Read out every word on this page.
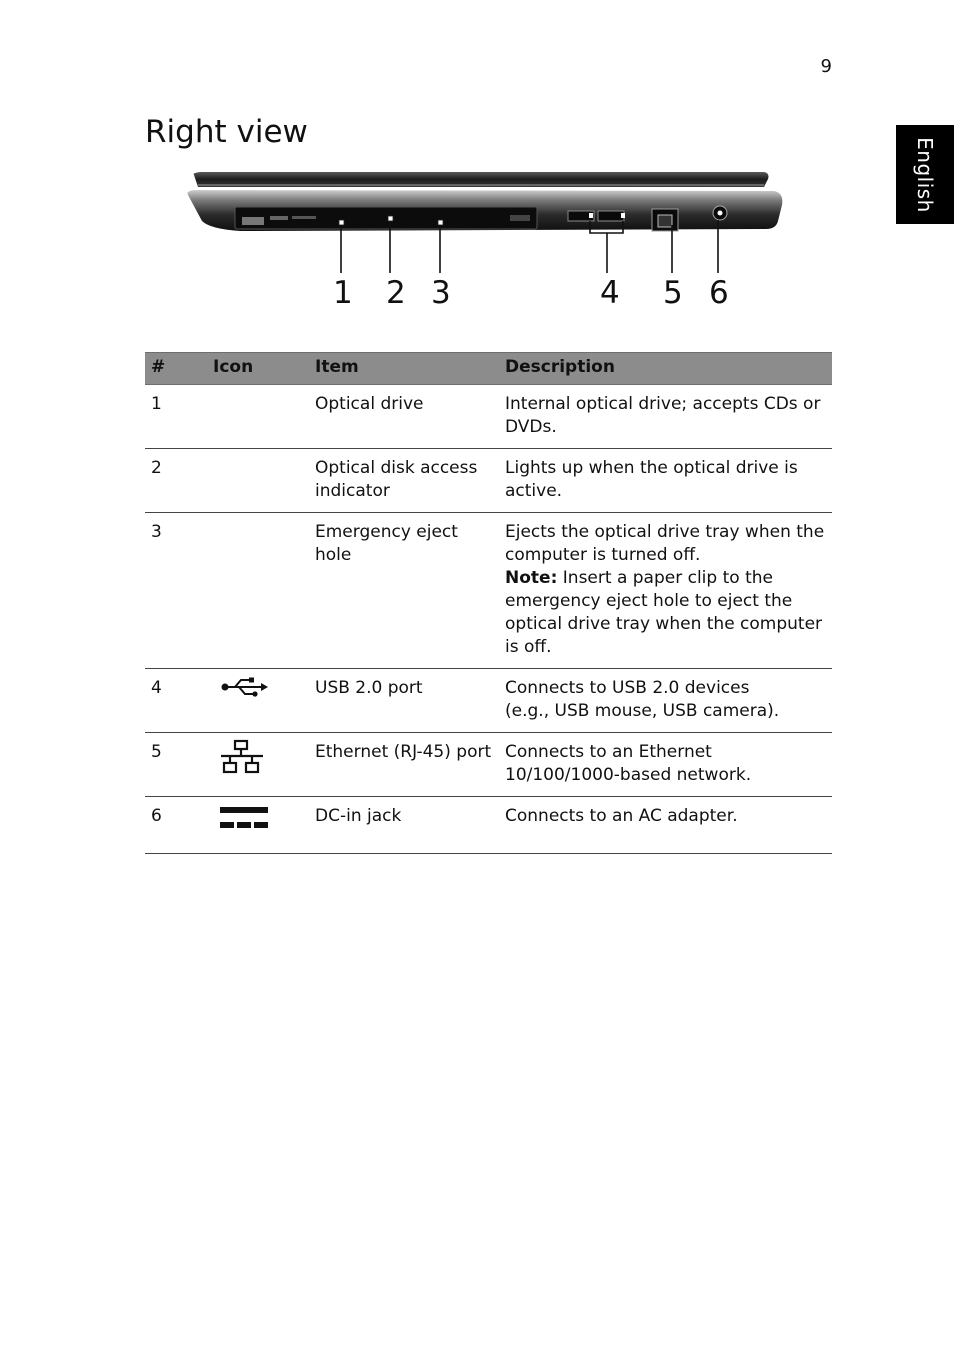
9
English
Right view
1 2 3	4 5 6
#	Icon	Item	Description
1		Optical drive	Internal optical drive; accepts CDs or DVDs.
2		Optical disk access indicator	Lights up when the optical drive is active.
3		Emergency eject hole	Ejects the optical drive tray when the computer is turned off.
Note: Insert a paper clip to the emergency eject hole to eject the optical drive tray when the computer is off.

4		USB 2.0 port	Connects to USB 2.0 devices
(e.g., USB mouse, USB camera).

5		Ethernet (RJ-45) port	Connects to an Ethernet 10/100/1000-based network.
6		DC-in jack	Connects to an AC adapter.
